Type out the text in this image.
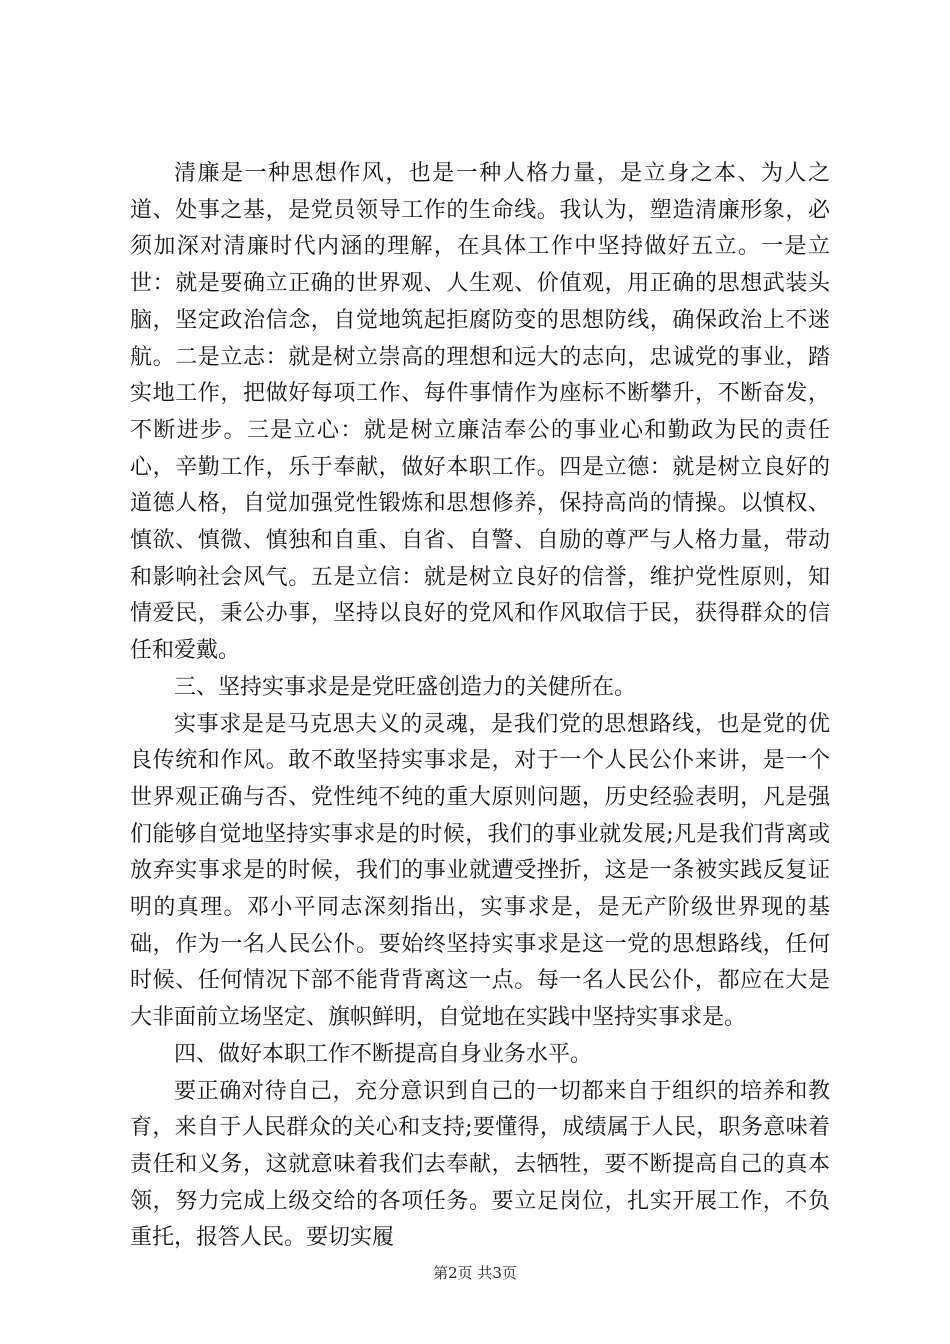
清廉是一种思想作风，也是一种人格力量，是立身之本、为人之道、处事之基，是党员领导工作的生命线。我认为，塑造清廉形象，必须加深对清廉时代内涵的理解，在具体工作中坚持做好五立。一是立世：就是要确立正确的世界观、人生观、价值观，用正确的思想武装头脑，坚定政治信念，自觉地筑起拒腐防变的思想防线，确保政治上不迷航。二是立志：就是树立崇高的理想和远大的志向，忠诚党的事业，踏实地工作，把做好每项工作、每件事情作为座标不断攀升，不断奋发，不断进步。三是立心：就是树立廉洁奉公的事业心和勤政为民的责任心，辛勤工作，乐于奉献，做好本职工作。四是立德：就是树立良好的道德人格，自觉加强党性锻炼和思想修养，保持高尚的情操。以慎权、慎欲、慎微、慎独和自重、自省、自警、自励的尊严与人格力量，带动和影响社会风气。五是立信：就是树立良好的信誉，维护党性原则，知情爱民，秉公办事，坚持以良好的党风和作风取信于民，获得群众的信任和爱戴。

三、坚持实事求是是党旺盛创造力的关健所在。

实事求是是马克思夫义的灵魂，是我们党的思想路线，也是党的优良传统和作风。敢不敢坚持实事求是，对于一个人民公仆来讲，是一个世界观正确与否、党性纯不纯的重大原则问题，历史经验表明，凡是强们能够自觉地坚持实事求是的时候，我们的事业就发展;凡是我们背离或放弃实事求是的时候，我们的事业就遭受挫折，这是一条被实践反复证明的真理。邓小平同志深刻指出，实事求是，是无产阶级世界现的基础，作为一名人民公仆。要始终坚持实事求是这一党的思想路线，任何时候、任何情况下部不能背背离这一点。每一名人民公仆，都应在大是大非面前立场坚定、旗帜鲜明，自觉地在实践中坚持实事求是。

四、做好本职工作不断提高自身业务水平。

要正确对待自己，充分意识到自己的一切都来自于组织的培养和教育，来自于人民群众的关心和支持;要懂得，成绩属于人民，职务意味着责任和义务，这就意味着我们去奉献，去牺牲，要不断提高自己的真本领，努力完成上级交给的各项任务。要立足岗位，扎实开展工作，不负重托，报答人民。要切实履

第2页 共3页
